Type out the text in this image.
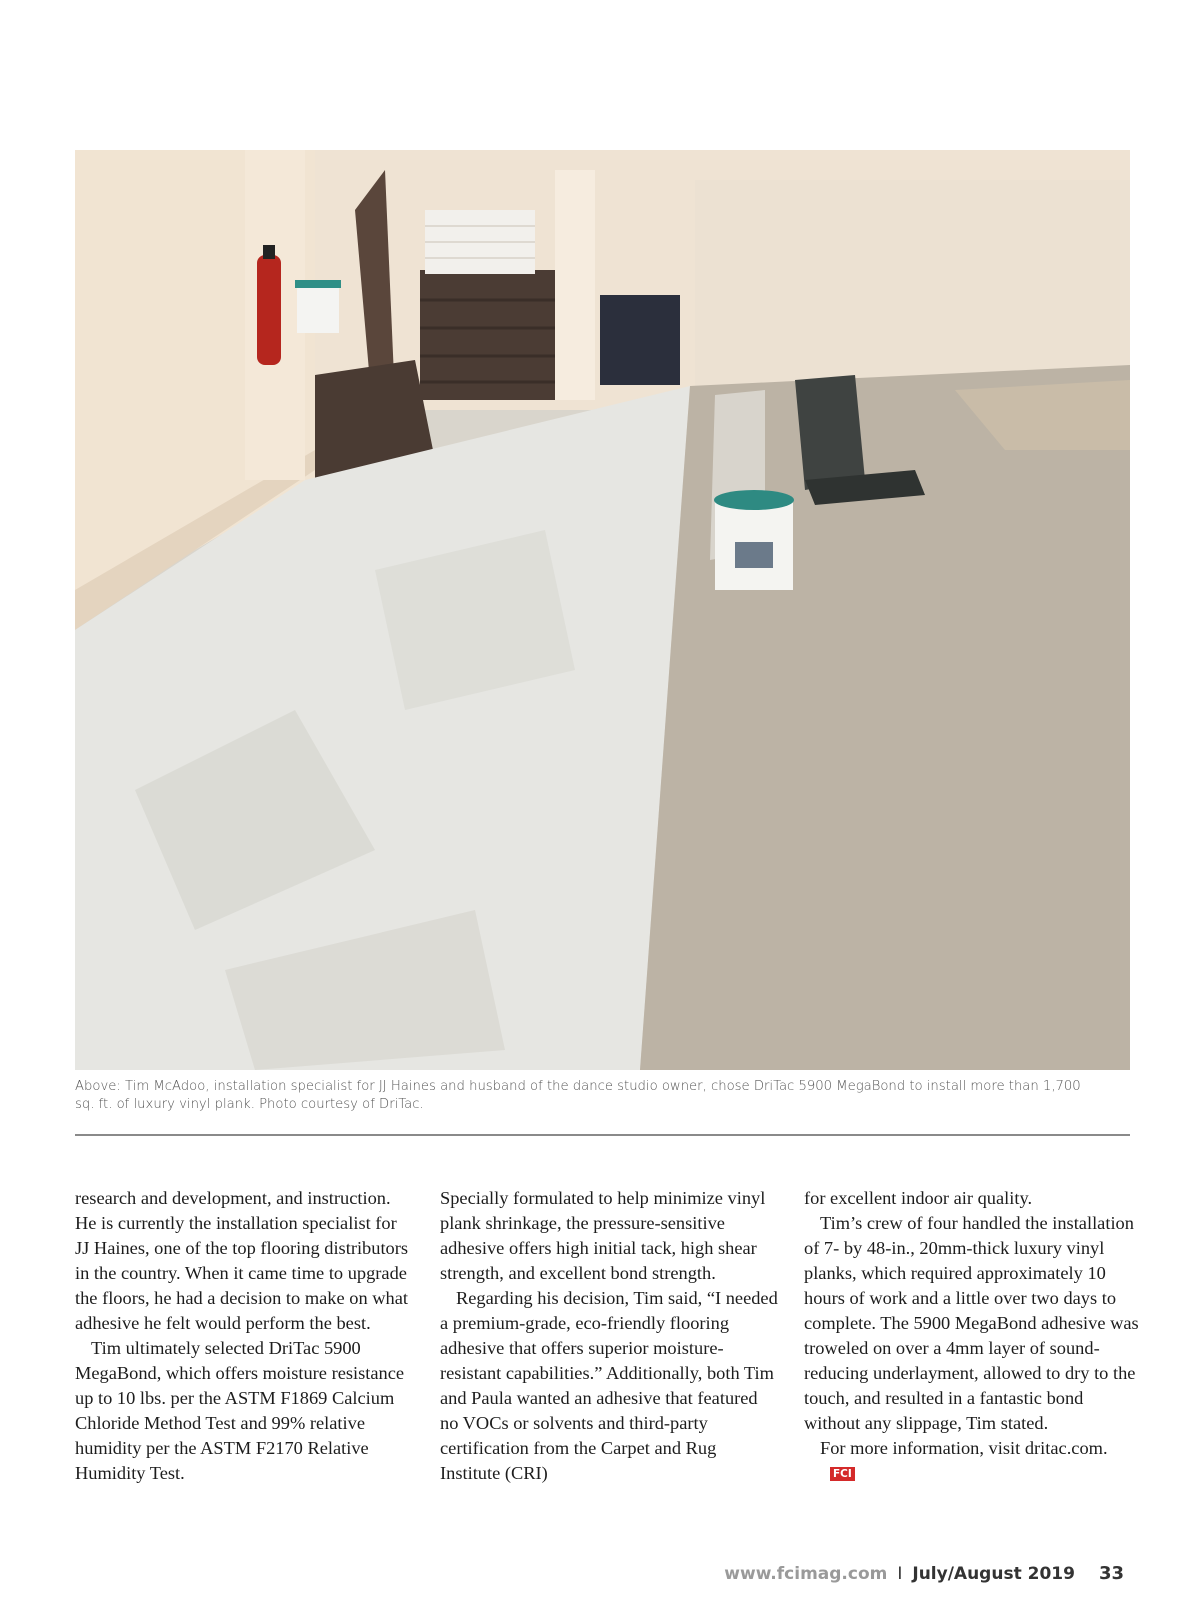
Above: Tim McAdoo, installation specialist for JJ Haines and husband of the dance studio owner, chose DriTac 5900 MegaBond to install more than 1,700 sq. ft. of luxury vinyl plank. Photo courtesy of DriTac.

research and development, and instruction. He is currently the installation specialist for JJ Haines, one of the top flooring distributors in the country. When it came time to upgrade the floors, he had a decision to make on what adhesive he felt would perform the best.

Tim ultimately selected DriTac 5900 MegaBond, which offers moisture resistance up to 10 lbs. per the ASTM F1869 Calcium Chloride Method Test and 99% relative humidity per the ASTM F2170 Relative Humidity Test.

Specially formulated to help minimize vinyl plank shrinkage, the pressure-sensitive adhesive offers high initial tack, high shear strength, and excellent bond strength.

Regarding his decision, Tim said, “I needed a premium-grade, eco-friendly flooring adhesive that offers superior moisture-resistant capabilities.” Additionally, both Tim and Paula wanted an adhesive that featured no VOCs or solvents and third-party certification from the Carpet and Rug Institute (CRI)

for excellent indoor air quality.

Tim’s crew of four handled the installation of 7- by 48-in., 20mm-thick luxury vinyl planks, which required approximately 10 hours of work and a little over two days to complete. The 5900 MegaBond adhesive was troweled on over a 4mm layer of sound-reducing underlayment, allowed to dry to the touch, and resulted in a fantastic bond without any slippage, Tim stated.

For more information, visit dritac.com.FCI

www.fcimag.com I July/August 2019 33
